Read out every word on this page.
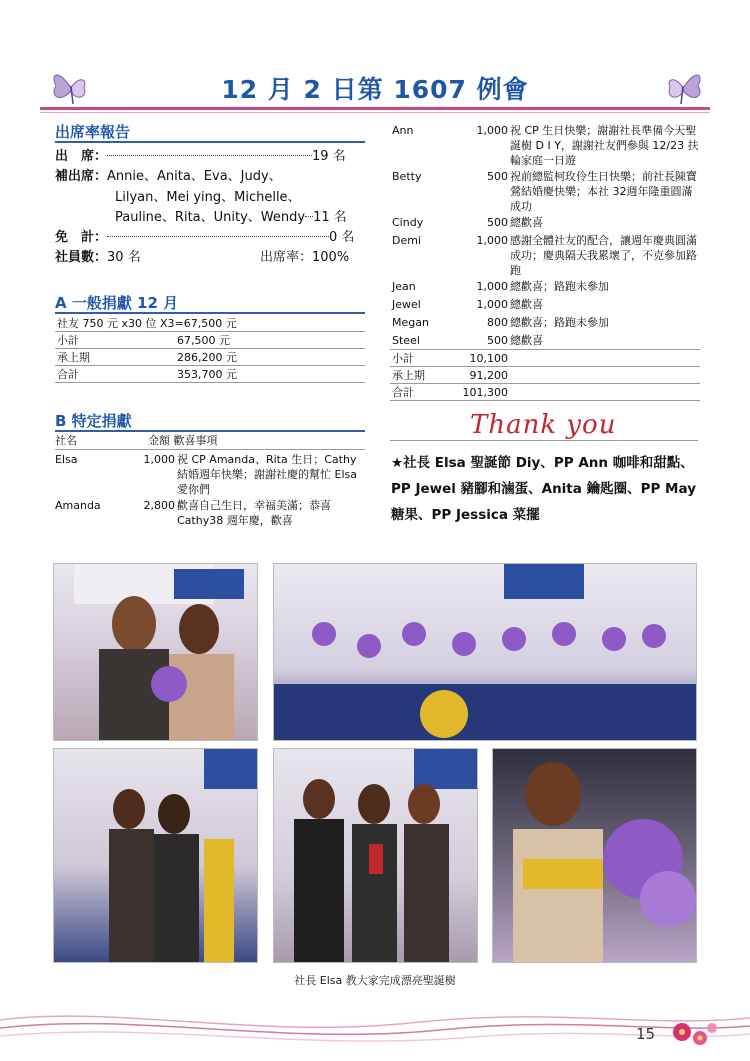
12 月 2 日第 1607 例會
出席率報告
出　席：	19 名
補出席：Annie、Anita、Eva、Judy、
Lilyan、Mei ying、Michelle、
Pauline、Rita、Unity、Wendy 11 名
免　計：	0 名
社員數：30 名	出席率：100%
A 一般捐獻 12 月
社友 750 元 x30 位 X3=67,500 元	
小計	67,500 元
承上期	286,200 元
合計	353,700 元
B 特定捐獻
社名	金額 歡喜事項
Elsa	1,000 祝 CP Amanda、Rita 生日；Cathy 結婚週年快樂；謝謝社慶的幫忙 Elsa 愛你們
Amanda	2,800 歡喜自己生日，幸福美滿；恭喜Cathy38 週年慶，歡喜
Ann	1,000 祝 CP 生日快樂；謝謝社長準備今天聖誕樹 D I Y，謝謝社友們參與 12/23 扶輪家庭一日遊
Betty	500 祝前總監柯玫伶生日快樂；前社長陳寶鶯結婚慶快樂；本社 32週年隆重圓滿成功
Cindy	500 總歡喜
Demi	1,000 感謝全體社友的配合，讓週年慶典圓滿成功；慶典隔天我累壞了，不克參加路跑
Jean	1,000 總歡喜；路跑未參加
Jewel	1,000 總歡喜
Megan	800 總歡喜；路跑未參加
Steel	500 總歡喜
小計	10,100	
承上期	91,200	
合計	101,300	
Thank you
★社長 Elsa 聖誕節 Diy、PP Ann 咖啡和甜點、PP Jewel 豬腳和滷蛋、Anita 鑰匙圈、PP May 糖果、PP Jessica 菜擺
社長 Elsa 教大家完成漂亮聖誕樹
15
